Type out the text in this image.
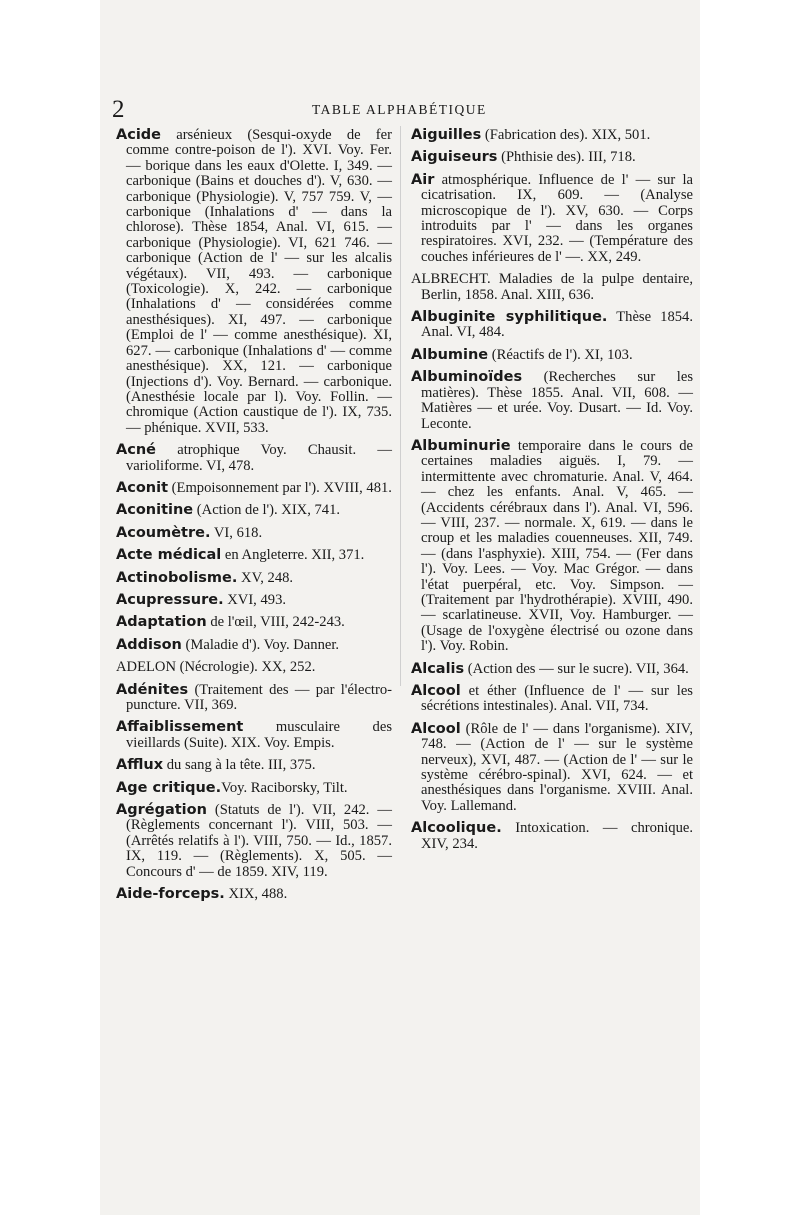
2	TABLE ALPHABÉTIQUE

Acide arsénieux (Sesqui-oxyde de fer comme contre-poison de l'). XVI. Voy. Fer. — borique dans les eaux d'Olette. I, 349. — carbonique (Bains et douches d'). V, 630. — carbonique (Physiologie). V, 757 759. V, — carbonique (Inhalations d' — dans la chlorose). Thèse 1854, Anal. VI, 615. — carbonique (Physiologie). VI, 621 746. — carbonique (Action de l' — sur les alcalis végétaux). VII, 493. — carbonique (Toxicologie). X, 242. — carbonique (Inhalations d' — considérées comme anesthésiques). XI, 497. — carbonique (Emploi de l' — comme anesthésique). XI, 627. — carbonique (Inhalations d' — comme anesthésique). XX, 121. — carbonique (Injections d'). Voy. Bernard. — carbonique. (Anesthésie locale par l). Voy. Follin. — chromique (Action caustique de l'). IX, 735. — phénique. XVII, 533.

Acné atrophique Voy. Chausit. — varioliforme. VI, 478.

Aconit (Empoisonnement par l'). XVIII, 481.

Aconitine (Action de l'). XIX, 741.

Acoumètre. VI, 618.

Acte médical en Angleterre. XII, 371.

Actinobolisme. XV, 248.

Acupressure. XVI, 493.

Adaptation de l'œil, VIII, 242-243.

Addison (Maladie d'). Voy. Danner.

ADELON (Nécrologie). XX, 252.

Adénites (Traitement des — par l'électro-puncture. VII, 369.

Affaiblissement musculaire des vieillards (Suite). XIX. Voy. Empis.

Afflux du sang à la tête. III, 375.

Age critique.Voy. Raciborsky, Tilt.

Agrégation (Statuts de l'). VII, 242. — (Règlements concernant l'). VIII, 503. — (Arrêtés relatifs à l'). VIII, 750. — Id., 1857. IX, 119. — (Règlements). X, 505. — Concours d' — de 1859. XIV, 119.

Aide-forceps. XIX, 488.

Aiguilles (Fabrication des). XIX, 501.

Aiguiseurs (Phthisie des). III, 718.

Air atmosphérique. Influence de l' — sur la cicatrisation. IX, 609. — (Analyse microscopique de l'). XV, 630. — Corps introduits par l' — dans les organes respiratoires. XVI, 232. — (Température des couches inférieures de l' —. XX, 249.

ALBRECHT. Maladies de la pulpe dentaire, Berlin, 1858. Anal. XIII, 636.

Albuginite syphilitique. Thèse 1854. Anal. VI, 484.

Albumine (Réactifs de l'). XI, 103.

Albuminoïdes (Recherches sur les matières). Thèse 1855. Anal. VII, 608. — Matières — et urée. Voy. Dusart. — Id. Voy. Leconte.

Albuminurie temporaire dans le cours de certaines maladies aiguës. I, 79. — intermittente avec chromaturie. Anal. V, 464. — chez les enfants. Anal. V, 465. — (Accidents cérébraux dans l'). Anal. VI, 596. — VIII, 237. — normale. X, 619. — dans le croup et les maladies couenneuses. XII, 749. — (dans l'asphyxie). XIII, 754. — (Fer dans l'). Voy. Lees. — Voy. Mac Grégor. — dans l'état puerpéral, etc. Voy. Simpson. — (Traitement par l'hydrothérapie). XVIII, 490. — scarlatineuse. XVII, Voy. Hamburger. — (Usage de l'oxygène électrisé ou ozone dans l'). Voy. Robin.

Alcalis (Action des — sur le sucre). VII, 364.

Alcool et éther (Influence de l' — sur les sécrétions intestinales). Anal. VII, 734.

Alcool (Rôle de l' — dans l'organisme). XIV, 748. — (Action de l' — sur le système nerveux), XVI, 487. — (Action de l' — sur le système cérébro-spinal). XVI, 624. — et anesthésiques dans l'organisme. XVIII. Anal. Voy. Lallemand.

Alcoolique. Intoxication. — chronique. XIV, 234.
